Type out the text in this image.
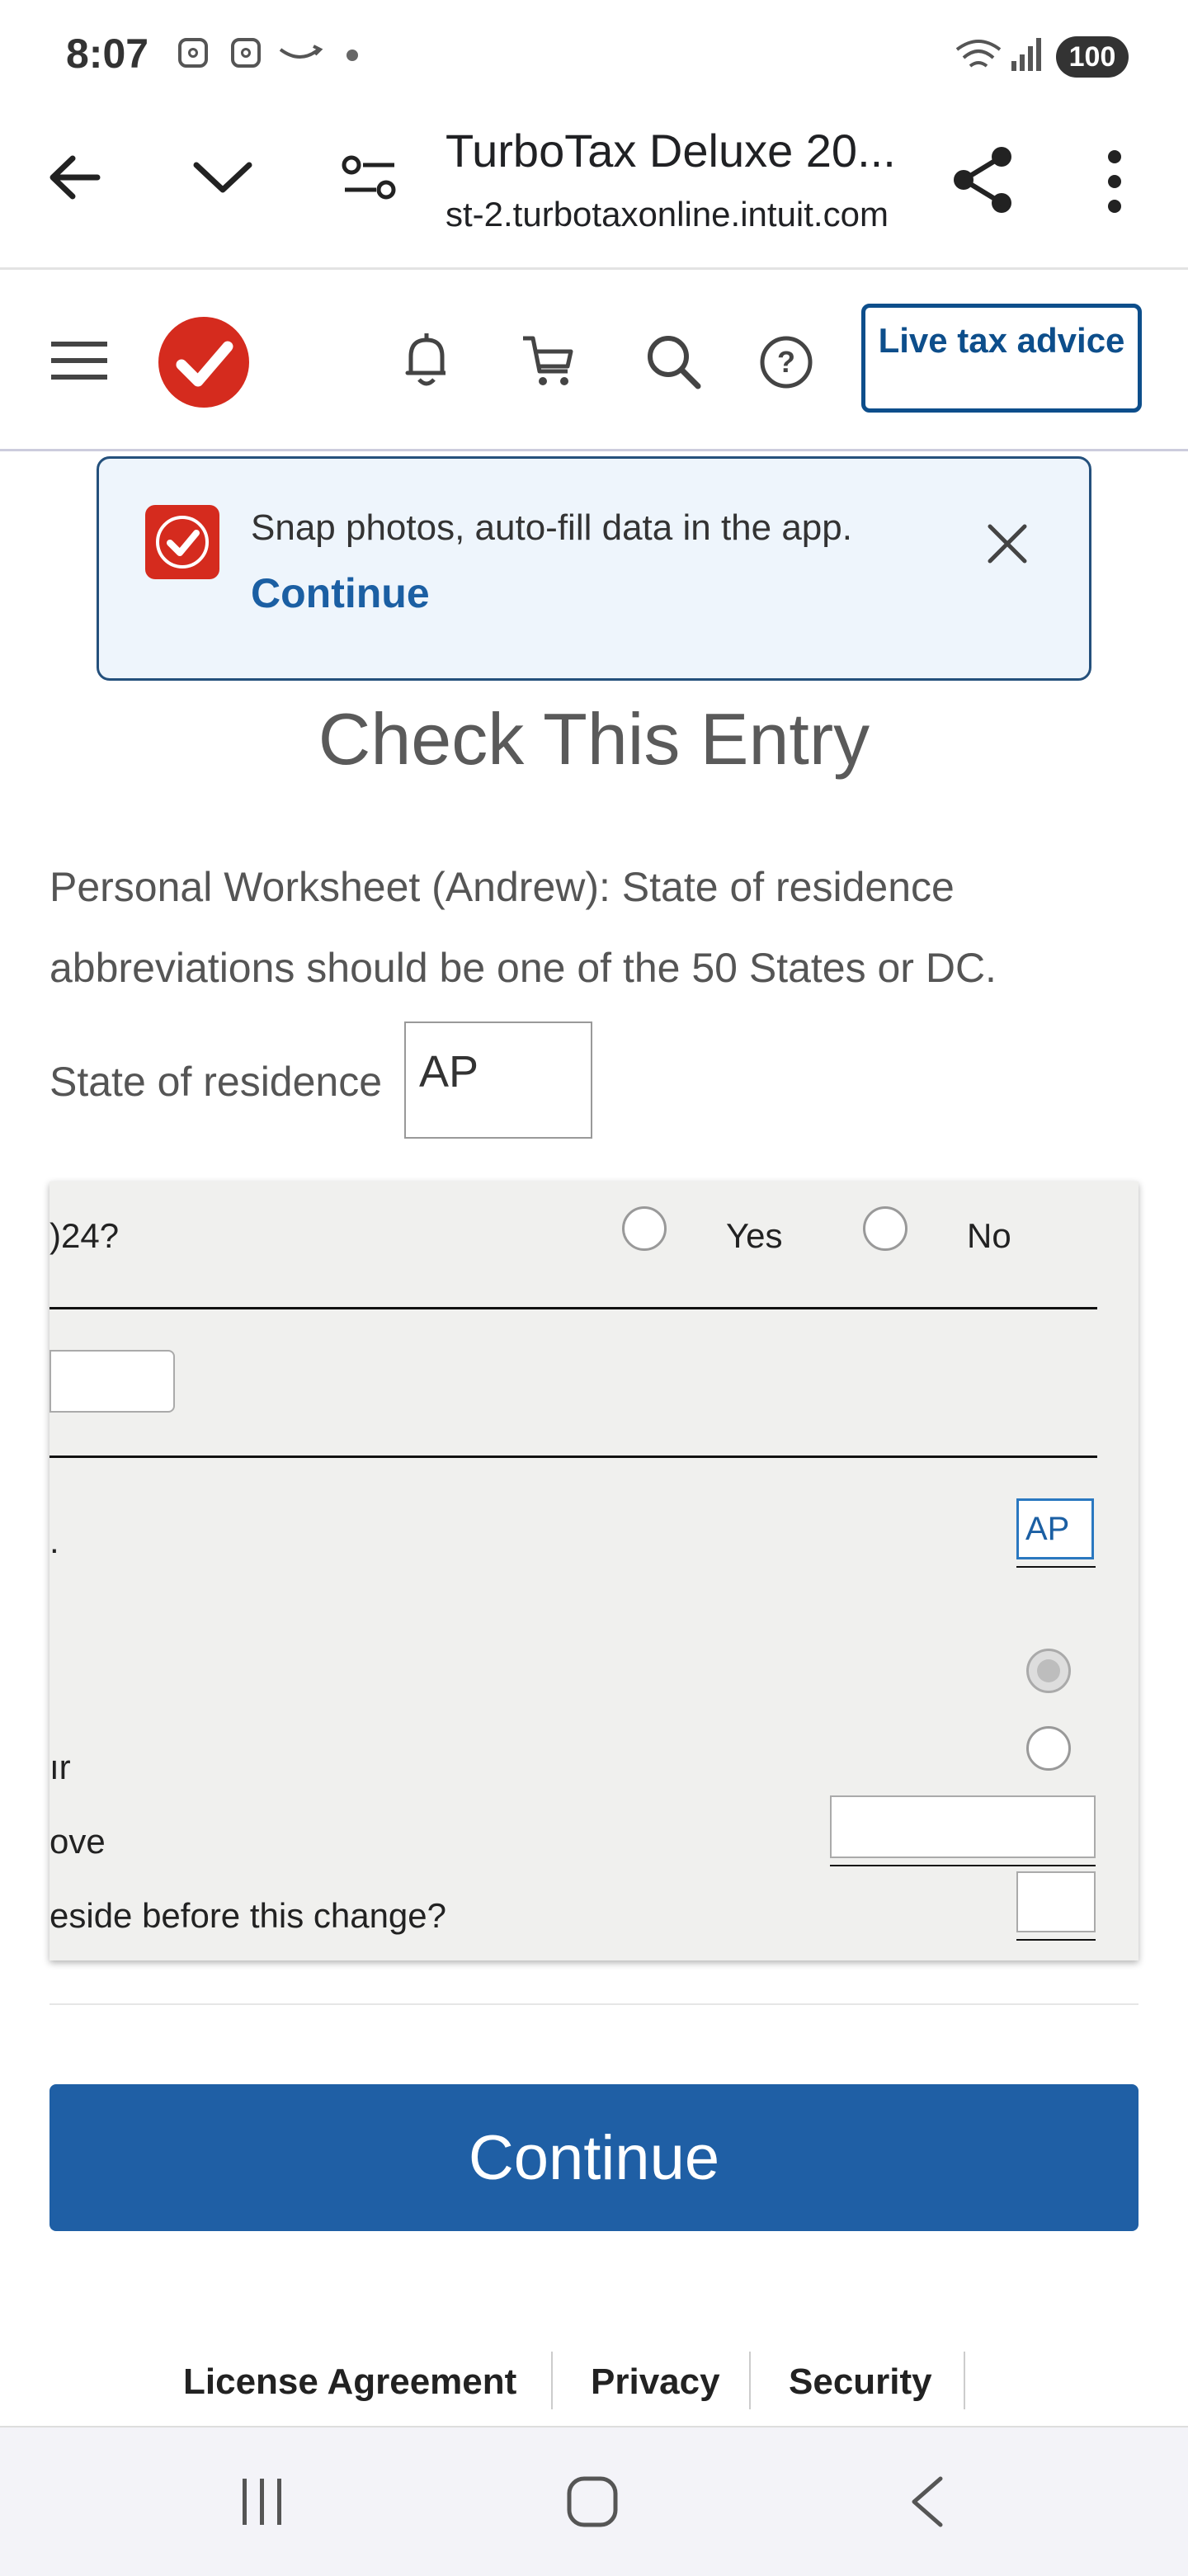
8:07	100
TurboTax Deluxe 20...
st-2.turbotaxonline.intuit.com
?
Live tax advice
Snap photos, auto-fill data in the app.
Continue
Check This Entry
Personal Worksheet (Andrew): State of residence abbreviations should be one of the 50 States or DC.
State of residence AP
)24?	Yes	No
.	AP
ır
ove
eside before this change?
Continue
License Agreement Privacy Security
